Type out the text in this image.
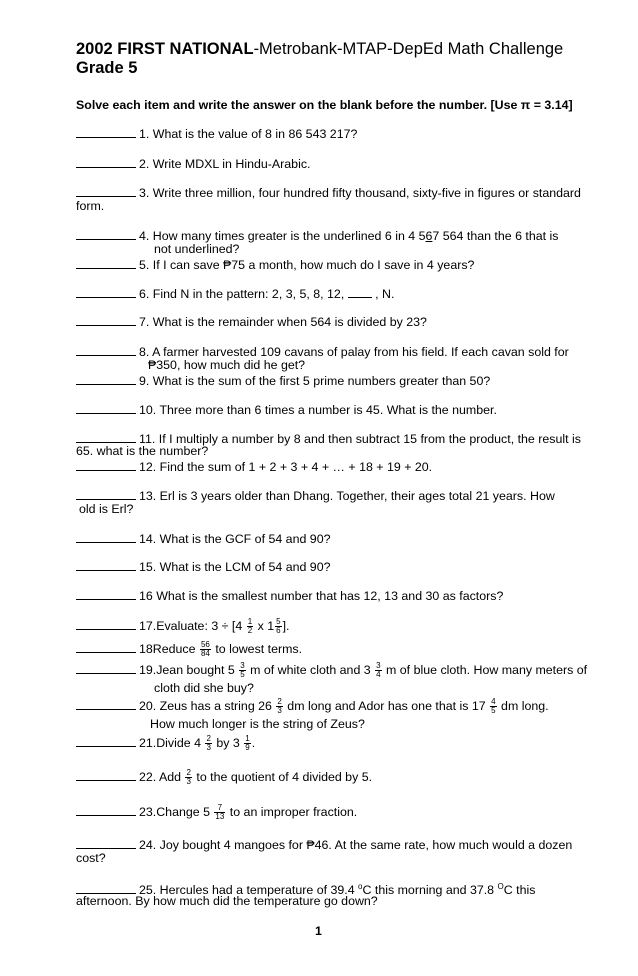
2002 FIRST NATIONAL-Metrobank-MTAP-DepEd Math Challenge
Grade 5
Solve each item and write the answer on the blank before the number. [Use π = 3.14]
1. What is the value of 8 in 86 543 217?
2. Write MDXL in Hindu-Arabic.
3. Write three million, four hundred fifty thousand, sixty-five in figures or standard
form.
4. How many times greater is the underlined 6 in 4 567 564 than the 6 that is
not underlined?
5. If I can save ₱75 a month, how much do I save in 4 years?
6. Find N in the pattern: 2, 3, 5, 8, 12, , N.
7. What is the remainder when 564 is divided by 23?
8. A farmer harvested 109 cavans of palay from his field. If each cavan sold for
₱350, how much did he get?
9. What is the sum of the first 5 prime numbers greater than 50?
10. Three more than 6 times a number is 45. What is the number.
11. If I multiply a number by 8 and then subtract 15 from the product, the result is
65. what is the number?
12. Find the sum of 1 + 2 + 3 + 4 + … + 18 + 19 + 20.
13. Erl is 3 years older than Dhang. Together, their ages total 21 years. How
old is Erl?
14. What is the GCF of 54 and 90?
15. What is the LCM of 54 and 90?
16 What is the smallest number that has 12, 13 and 30 as factors?
17.Evaluate: $3 \div [4 \frac{1}{2}$ x $1 \frac{5}{6}$ ].
18Reduce $\frac{56}{84}$ to lowest terms.
19.Jean bought $5 \frac{3}{5}$ m of white cloth and $3 \frac{3}{4}$ m of blue cloth. How many meters of
cloth did she buy?
20. Zeus has a string $26 \frac{2}{3}$ dm long and Ador has one that is $17 \frac{4}{5}$ dm long.
How much longer is the string of Zeus?
21.Divide $4 \frac{2}{3}$ by $3 \frac{1}{9}$ .
22. Add $\frac{2}{3}$ to the quotient of 4 divided by 5.
23.Change $5 \frac{7}{13}$ to an improper fraction.
24. Joy bought 4 mangoes for ₱46. At the same rate, how much would a dozen
cost?
25. Hercules had a temperature of 39.4 $^o$C this morning and 37.8 $^O$C this
afternoon. By how much did the temperature go down?
1
